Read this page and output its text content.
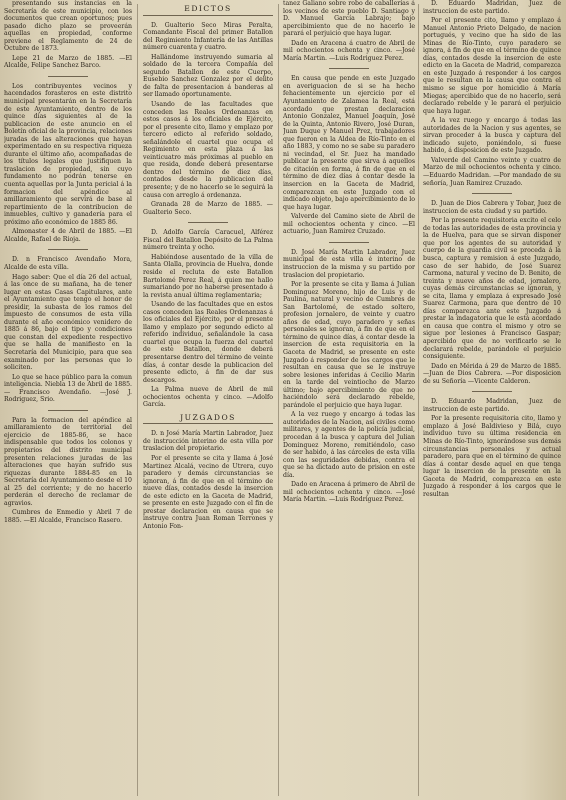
presentando sus instancias en la Secretaría de este municipio, con los documentos que crean oportunos; pues pasado dicho plazo se proveerán aquellas en propiedad, conforme previene el Reglamento de 24 de Octubre de 1873.

Lepe 21 de Marzo de 1885. —El Alcalde, Felipe Sanchez Barco.

Los contribuyentes vecinos y hacendados forasteros en este distrito municipal presentarán en la Secretaría de este Ayuntamiento, dentro de los quince días siguientes al de la publicacion de este anuncio en el Boletín oficial de la provincia, relaciones juradas de las alteraciones que hayan experimentado en su respectiva riqueza durante el último año, acompañadas de los títulos legales que justifiquen la traslacion de propiedad, sin cuyo fundamento no podrán tenerse en cuenta aquellas por la Junta pericial á la formacion del apéndice al amillaramiento que servirá de base al repartimiento de la contribucion de inmuebles, cultivo y ganadería para el próximo año económico de 1885 86.

Almonaster 4 de Abril de 1885. —El Alcalde, Rafael de Rioja.

D. n Francisco Avendaño Mora, Alcalde de esta villa.

Hago saber: Que el día 26 del actual, á las once de su mañana, ha de tener lugar en estas Casas Capitulares, ante el Ayuntamiento que tengo el honor de presidir, la subasta de los ramos del impuesto de consumos de esta villa durante el año económico venidero de 1885 á 86, bajo el tipo y condiciones que constan del expediente respectivo que se halla de manifiesto en la Secretaría del Municipio, para que sea examinado por las personas que lo soliciten.

Lo que se hace público para la comun inteligencia. Niebla 13 de Abril de 1885. — Francisco Avendaño. —José J. Rodriguez, Srio.

Para la formacion del apéndice al amillaramiento de territorial del ejercicio de 1885-86, se hace indispensable que todos los colonos y propietarios del distrito municipal presenten relaciones juradas de las alteraciones que hayan sufrido sus riquezas durante 1884-85 en la Secretaría del Ayuntamiento desde el 10 al 25 del corriente; y de no hacerlo perderán el derecho de reclamar de agravios.

Cumbres de Enmedio y Abril 7 de 1885. —El Alcalde, Francisco Rasero.

EDICTOS

D. Gualterio Seco Miras Peralta, Comandante Fiscal del primer Batallon del Regimiento Infantería de las Antillas número cuarenta y cuatro.

Hallándome instruyendo sumaria al soldado de la tercera Compañía del segundo Batallon de este Cuerpo, Eusebio Sanchez Gonzalez por el delito de falta de presentacion á banderas al ser llamado oportunamente.

Usando de las facultades que conceden las Reales Ordenanzas en estos casos á los oficiales de Ejército, por el presente cito, llamo y emplazo por tercero edicto al referido soldado, señalándole el cuartel que ocupa el Regimiento en esta plaza á las veinticuatro más próximas al pueblo en que resida, donde deberá presentarse dentro del término de diez días, contados desde la publicacion del presente; y de no hacerlo se le seguirá la causa con arreglo á ordenanza.

Granada 28 de Marzo de 1885. —Gualterio Seco.

D. Adolfo García Caracuel, Alférez Fiscal del Batallon Depósito de La Palma número treinta y ocho.

Habiéndose ausentado de la villa de Santa Olalla, provincia de Huelva, donde reside el recluta de este Batallon Bartolomé Perez Real, á quien me hallo sumariando por no haberse presentado á la revista anual última reglamentaria;

Usando de las facultades que en estos casos conceden las Reales Ordenanzas á los oficiales del Ejército, por el presente llamo y emplazo por segundo edicto al referido individuo, señalándole la casa cuartel que ocupa la fuerza del cuartel de este Batallon, donde deberá presentarse dentro del término de veinte días, á contar desde la publicacion del presente edicto, á fin de dar sus descargos.

La Palma nueve de Abril de mil ochocientos ochenta y cinco. —Adolfo García.

JUZGADOS

D. n José María Martin Labrador, Juez de instrucción interino de esta villa por traslacion del propietario.

Por el presente se cita y llama á José Martinez Alcalá, vecino de Utrera, cuyo paradero y demás circunstancias se ignoran, á fin de que en el término de nueve días, contados desde la insercion de este edicto en la Gaceta de Madrid, se presente en este Juzgado con el fin de prestar declaracion en causa que se instruye contra Juan Roman Terrones y Antonio Fon-

tanez Galiano sobre robo de caballerías á los vecinos de este pueblo D. Santiago y D. Manuel García Labrajo; bajo apercibimiento que de no hacerlo le parará el perjuicio que haya lugar.

Dado en Aracena á cuatro de Abril de mil ochocientos ochenta y cinco. —José María Martin. —Luis Rodriguez Perez.

En causa que pende en este Juzgado en averiguacion de si se ha hecho fehacientemente un ejercicio por el Ayuntamiento de Zalamea la Real, está acordado que prestan declaracion Antonio Gonzalez, Manuel Joaquín, José de la Quinta, Antonio Rivero, José Duran, Juan Duque y Manuel Prez, trabajadores que fueron en la Aldea de Río-Tinto en el año 1883, y como no se sabe su paradero ni vecindad, el Sr. Juez ha mandado publicar la presente que sirva á aquellos de citación en forma, á fin de que en el término de diez días á contar desde la insercion en la Gaceta de Madrid, comparezcan en este Juzgado con el indicado objeto, bajo apercibimiento de lo que haya lugar.

Valverde del Camino siete de Abril de mil ochocientos ochenta y cinco. —El actuario, Juan Ramirez Cruzado.

D. José María Martin Labrador, Juez municipal de esta villa é interino de instruccion de la misma y su partido por traslacion del propietario.

Por la presente se cita y llama á Julian Dominguez Moreno, hijo de Luis y de Paulina, natural y vecino de Cumbres de San Bartolomé, de estado soltero, profesion jornalero, de veinte y cuatro años de edad, cuyo paradero y señas personales se ignoran, á fin de que en el término de quince días, á contar desde la insercion de esta requisitoria en la Gaceta de Madrid, se presente en este Juzgado á responder de los cargos que le resultan en causa que se le instruye sobre lesiones inferidas á Cecilio Marin en la tarde del veintiocho de Marzo último; bajo apercibimiento de que no haciéndolo será declarado rebelde, parándole el perjuicio que haya lugar.

A la vez ruego y encargo á todas las autoridades de la Nacion, así civiles como militares, y agentes de la policía judicial, procedan á la busca y captura del Julian Dominguez Moreno, remitiéndolo, caso de ser habido, á las cárceles de esta villa con las seguridades debidas, contra el que se ha dictado auto de prision en este día.

Dado en Aracena á primero de Abril de mil ochocientos ochenta y cinco. —José María Martin. —Luis Rodriguez Perez.

D. Eduardo Madridan, Juez de instruccion de este partido.

Por el presente cito, llamo y emplazo á Manuel Antonio Prieto Delgado, de nacion portugués, y vecino que ha sido de las Minas de Río-Tinto, cuyo paradero se ignora, á fin de que en el término de quince días, contados desde la insercion de este edicto en la Gaceta de Madrid, comparezca en este Juzgado á responder á los cargos que le resultan en la causa que contra el mismo se sigue por homicidio á María Miegas; apercibido que de no hacerlo, será declarado rebelde y le parará el perjuicio que haya lugar.

A la vez ruego y encargo á todas las autoridades de la Nacion y sus agentes, se sirvan proceder á la busca y captura del indicado sujeto, poniéndolo, si fuese habido, á disposicion de este Juzgado.

Valverde del Camino veinte y cuatro de Marzo de mil ochocientos ochenta y cinco. —Eduardo Madridan. —Por mandado de su señoría, Juan Ramirez Cruzado.

D. Juan de Dios Cabrera y Tobar, Juez de instruccion de esta ciudad y su partido.

Por la presente requisitoria excito el celo de todas las autoridades de esta provincia y la de Huelva, para que se sirvan disponer que por los agentes de su autoridad y cuerpo de la guardia civil se proceda á la busca, captura y remision á este Juzgado, caso de ser habido, de José Suarez Carmona, natural y vecino de D. Benito, de treinta y nueve años de edad, jornalero, cuyas demás circunstancias se ignoran, y se cita, llama y emplaza á expresado José Suarez Carmona, para que dentro de 10 días comparezca ante este Juzgado á prestar la indagatoria que le está acordado en causa que contra el mismo y otro se sigue por lesiones á Francisco Gaspar; apercibido que de no verificarlo se le declarará rebelde, parándole el perjuicio consiguiente.

Dado en Mérida á 29 de Marzo de 1885. —Juan de Dios Cabrera. —Por disposicion de su Señoría —Vicente Calderon.

D. Eduardo Madridan, Juez de instruccion de este partido.

Por la presente requisitoria cito, llamo y emplazo á José Baldivieso y Bilá, cuyo individuo tuvo su última residencia en Minas de Río-Tinto, ignorándose sus demás circunstancias personales y actual paradero, para que en el término de quince días á contar desde aquel en que tenga lugar la insercion de la presente en la Gaceta de Madrid, comparezca en este Juzgado á responder á los cargos que le resultan
